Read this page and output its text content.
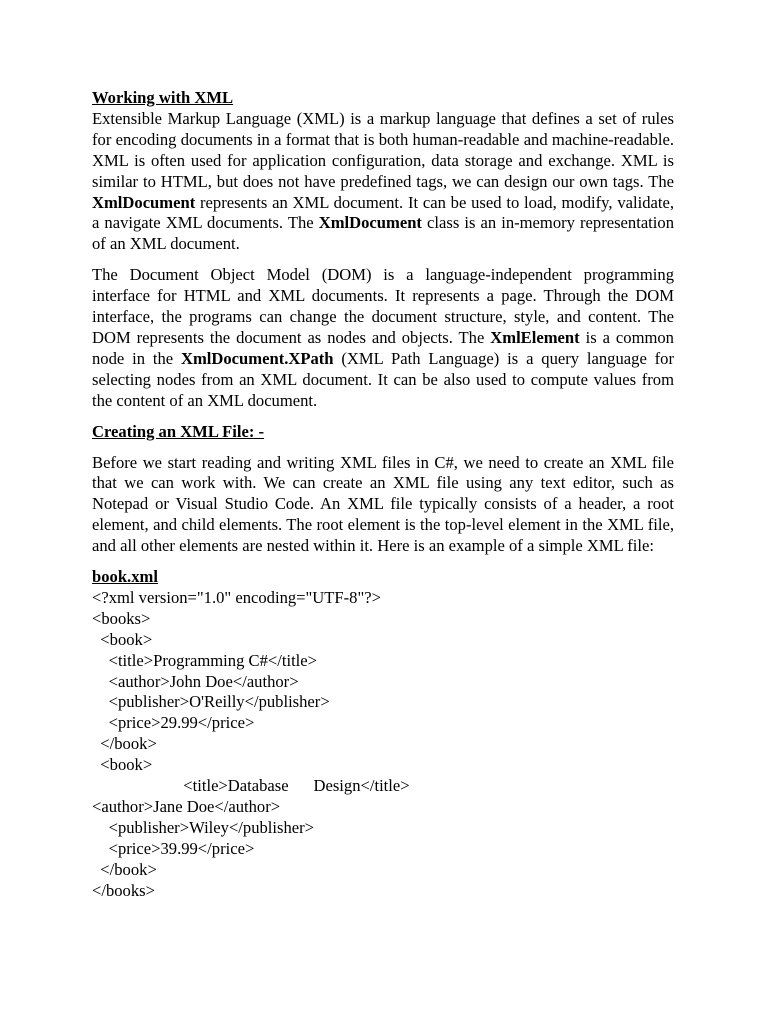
Working with XML

Extensible Markup Language (XML) is a markup language that defines a set of rules for encoding documents in a format that is both human-readable and machine-readable. XML is often used for application configuration, data storage and exchange. XML is similar to HTML, but does not have predefined tags, we can design our own tags. The XmlDocument represents an XML document. It can be used to load, modify, validate, a navigate XML documents. The XmlDocument class is an in-memory representation of an XML document.

The Document Object Model (DOM) is a language-independent programming interface for HTML and XML documents. It represents a page. Through the DOM interface, the programs can change the document structure, style, and content. The DOM represents the document as nodes and objects. The XmlElement is a common node in the XmlDocument.XPath (XML Path Language) is a query language for selecting nodes from an XML document. It can be also used to compute values from the content of an XML document.

Creating an XML File: -

Before we start reading and writing XML files in C#, we need to create an XML file that we can work with. We can create an XML file using any text editor, such as Notepad or Visual Studio Code. An XML file typically consists of a header, a root element, and child elements. The root element is the top-level element in the XML file, and all other elements are nested within it. Here is an example of a simple XML file:

book.xml
<?xml version="1.0" encoding="UTF-8"?>
<books>
<book>
<title>Programming C#</title>
<author>John Doe</author>
<publisher>O'Reilly</publisher>
<price>29.99</price>
</book>
<book>
<title>Database      Design</title>
<author>Jane Doe</author>
<publisher>Wiley</publisher>
<price>39.99</price>
</book>
</books>
